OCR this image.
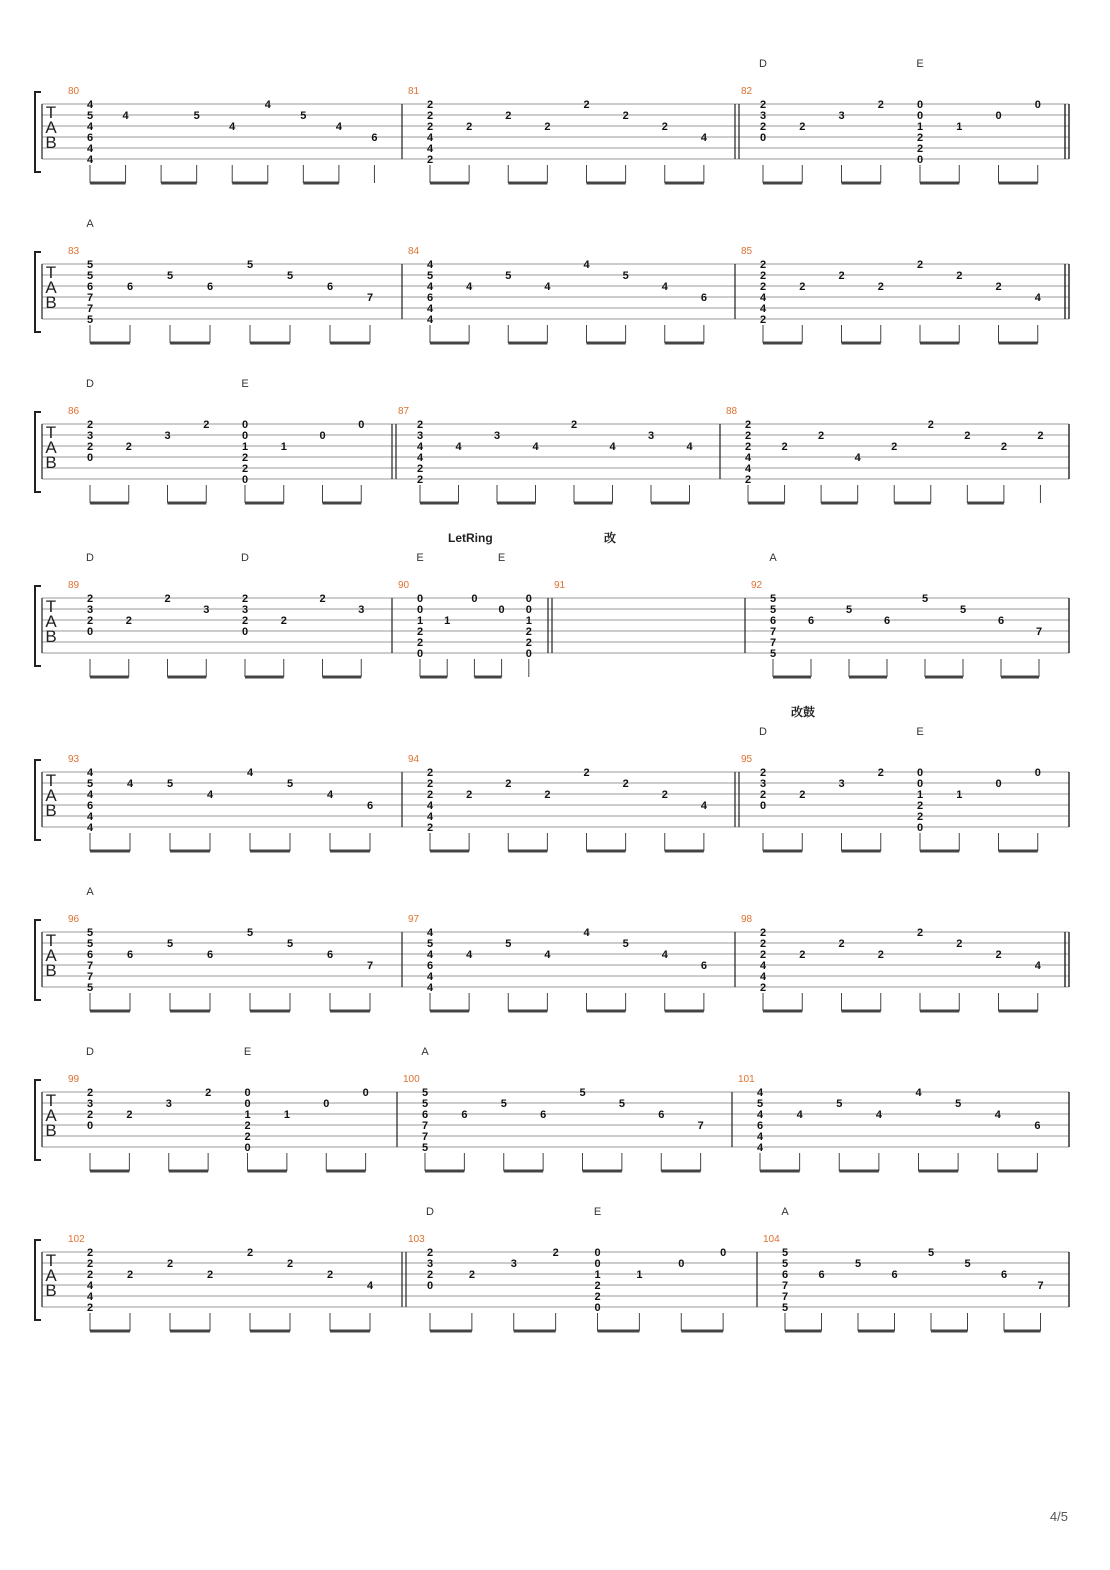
T
A
B
80
4
5
4
6
4
4
4	5
4
4
5
4
6
81
2
2
2
4
4
2
2
2
2
2
2
2
4
82
D	E
2
3
2
0
2
3
2	0
0
1
2
2
0
1
0
0
T
A
B
83
A
5
5
6
7
7
5
6
5
6
5
5
6
7
84
4
5
4
6
4
4
4
5
4
4
5
4
6
85
2
2
2
4
4
2
2
2
2
2
2
2
4
T
A
B
86
D	E
2
3
2
0
2
3
2	0
0
1
2
2
0
1
0
0
87
2
3
4
4
2
2
4
3
4
2
4
3
4
88
2
2
2
4
4
2
2
2
4
2
2
2
2
2
T
A
B
89
D	D
2
3
2
0
2
2
3
2
3
2
0
2
2
3
90
LetRing
E	E
0
0
1
2
2
0
1
0
0
0
0
1
2
2
0
91
改
92
A
5
5
6
7
7
5
6
5
6
5
5
6
7
T
A
B
93
4
5
4
6
4
4
4	5
4
4
5
4
6
94
2
2
2
4
4
2
2
2
2
2
2
2
4
95
改鼓
D	E
2
3
2
0
2
3
2	0
0
1
2
2
0
1
0
0
T
A
B
96
A
5
5
6
7
7
5
6
5
6
5
5
6
7
97
4
5
4
6
4
4
4
5
4
4
5
4
6
98
2
2
2
4
4
2
2
2
2
2
2
2
4
T
A
B
99
D	E
2
3
2
0
2
3
2	0
0
1
2
2
0
1
0
0
100
A
5
5
6
7
7
5
6
5
6
5
5
6
7
101
4
5
4
6
4
4
4
5
4
4
5
4
6
T
A
B
102
2
2
2
4
4
2
2
2
2
2
2
2
4
103
D	E
2
3
2
0
2
3
2	0
0
1
2
2
0
1
0
0
104
A
5
5
6
7
7
5
6
5
6
5
5
6
7
4/5
